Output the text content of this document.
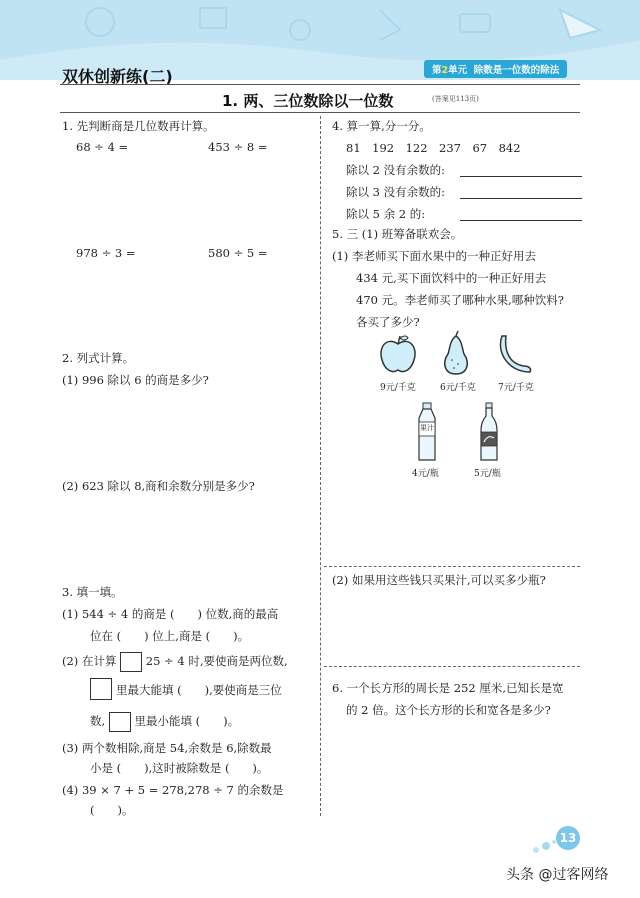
双休创新练(二)	第2单元 除数是一位数的除法
1. 两、三位数除以一位数	(答案见113页)
1. 先判断商是几位数再计算。
68 ÷ 4 =	453 ÷ 8 =
978 ÷ 3 =	580 ÷ 5 =
2. 列式计算。
(1) 996 除以 6 的商是多少?
(2) 623 除以 8,商和余数分别是多少?
3. 填一填。
(1) 544 ÷ 4 的商是 (　　) 位数,商的最高
位在 (　　) 位上,商是 (　　)。
(2) 在计算	25 ÷ 4 时,要使商是两位数,
里最大能填 (　　),要使商是三位
数,	里最小能填 (　　)。
(3) 两个数相除,商是 54,余数是 6,除数最
小是 (　　),这时被除数是 (　　)。
(4) 39 × 7 + 5 = 278,278 ÷ 7 的余数是
(　　)。
4. 算一算,分一分。
81　192　122　237　67　842
除以 2 没有余数的:
除以 3 没有余数的:
除以 5 余 2 的:
5. 三 (1) 班筹备联欢会。
(1) 李老师买下面水果中的一种正好用去
434 元,买下面饮料中的一种正好用去
470 元。李老师买了哪种水果,哪种饮料?
各买了多少?
9元/千克	6元/千克 7元/千克
果汁
4元/瓶	5元/瓶
(2) 如果用这些钱只买果汁,可以买多少瓶?
6. 一个长方形的周长是 252 厘米,已知长是宽
的 2 倍。这个长方形的长和宽各是多少?
13
头条 @过客网络
